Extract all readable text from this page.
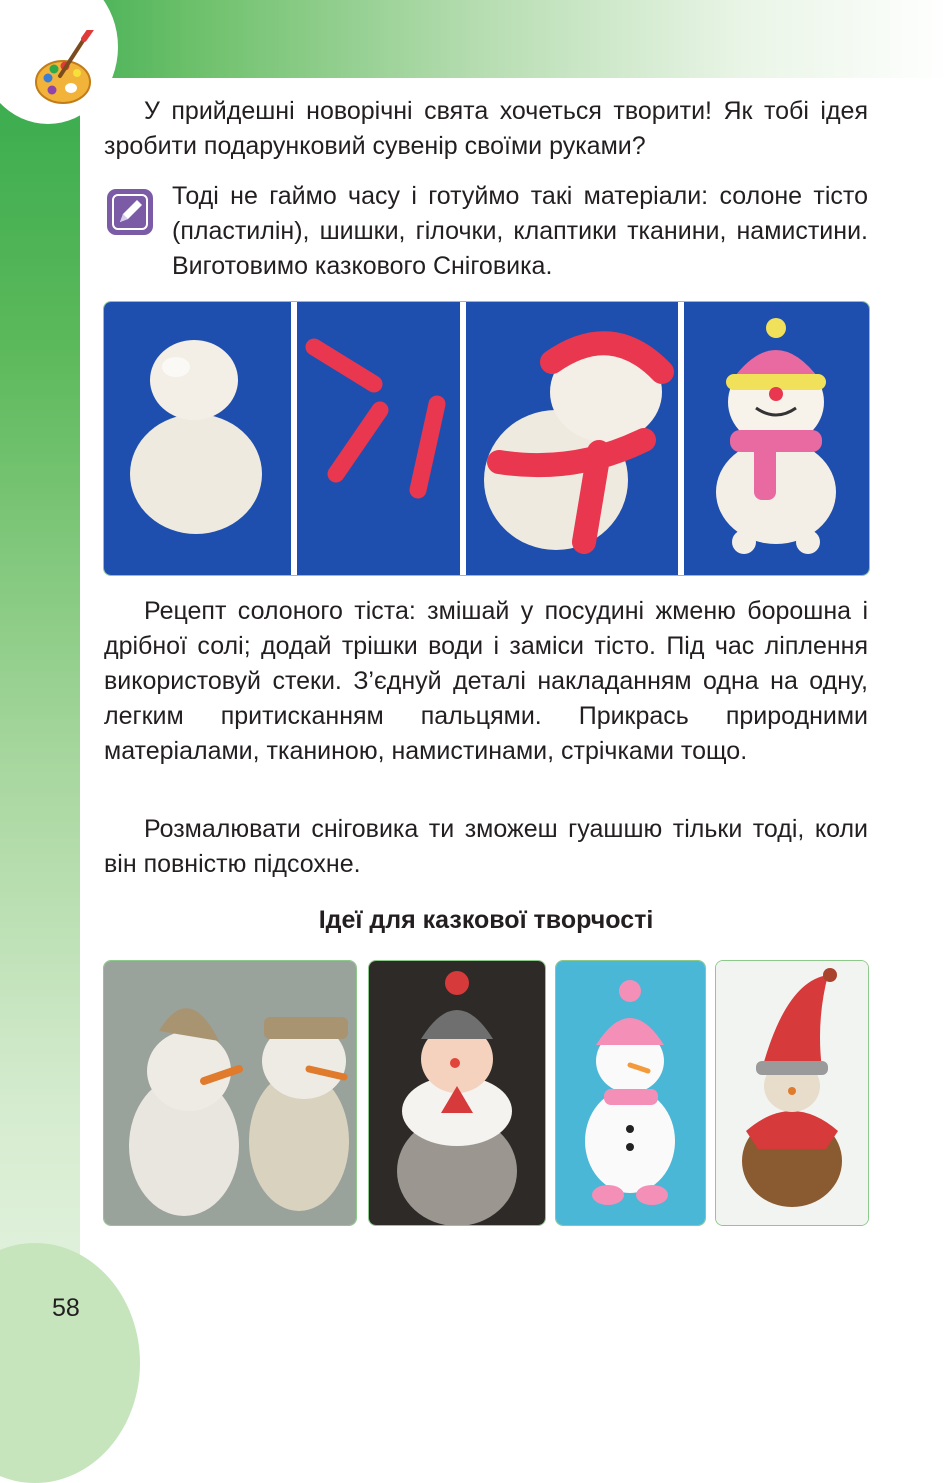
У прийдешні новорічні свята хочеться творити! Як тобі ідея зробити подарунковий сувенір своїми руками?

Тоді не гаймо часу і готуймо такі матеріали: солоне тісто (пластилін), шишки, гілочки, клаптики тканини, намистини. Виготовимо казкового Сніговика.

Рецепт солоного тіста: змішай у посудині жменю борошна і дрібної солі; додай трішки води і заміси тісто. Під час ліплення використовуй стеки. З’єднуй деталі накладанням одна на одну, легким притисканням пальцями. Прикрась природними матеріалами, тканиною, намистинами, стрічками тощо.

Розмалювати сніговика ти зможеш гуашшю тільки тоді, коли він повністю підсохне.

Ідеї для казкової творчості
58
